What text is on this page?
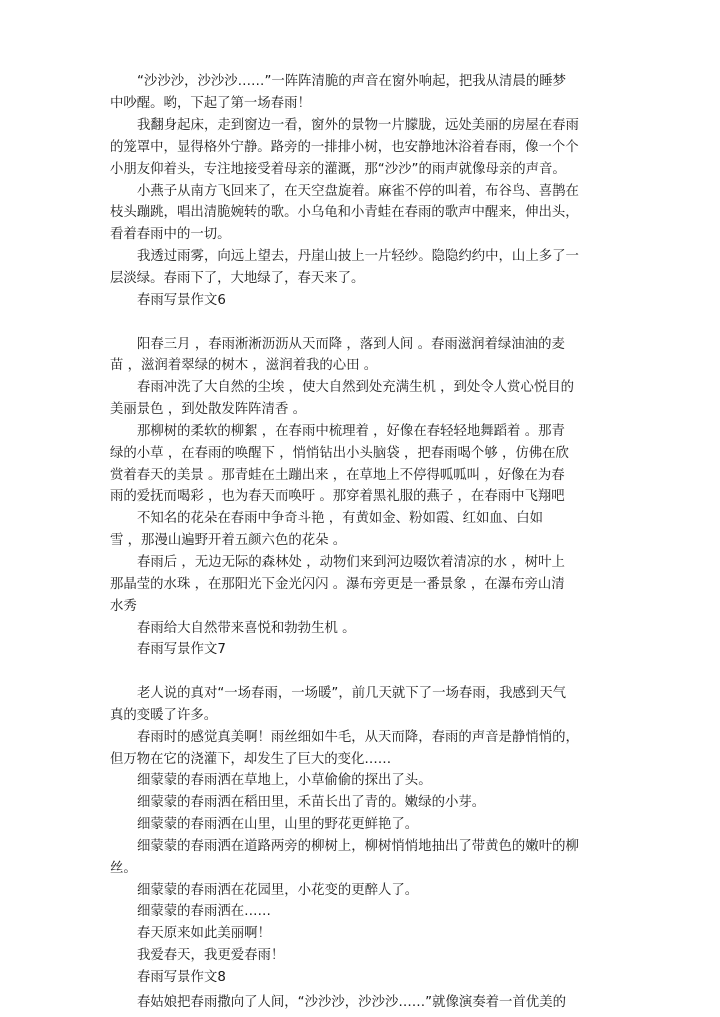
“沙沙沙，沙沙沙……”一阵阵清脆的声音在窗外响起，把我从清晨的睡梦
中吵醒。哟，下起了第一场春雨！
我翻身起床，走到窗边一看，窗外的景物一片朦胧，远处美丽的房屋在春雨
的笼罩中，显得格外宁静。路旁的一排排小树，也安静地沐浴着春雨，像一个个
小朋友仰着头，专注地接受着母亲的灌溉，那“沙沙”的雨声就像母亲的声音。
小燕子从南方飞回来了，在天空盘旋着。麻雀不停的叫着，布谷鸟、喜鹊在
枝头蹦跳，唱出清脆婉转的歌。小乌龟和小青蛙在春雨的歌声中醒来，伸出头，
看着春雨中的一切。
我透过雨雾，向远上望去，丹崖山披上一片轻纱。隐隐约约中，山上多了一
层淡绿。春雨下了，大地绿了，春天来了。
春雨写景作文6
阳春三月 ，春雨淅淅沥沥从天而降 ，落到人间 。春雨滋润着绿油油的麦
苗 ，滋润着翠绿的树木 ，滋润着我的心田 。
春雨冲洗了大自然的尘埃 ，使大自然到处充满生机 ，到处令人赏心悦目的
美丽景色 ，到处散发阵阵清香 。
那柳树的柔软的柳絮 ，在春雨中梳理着 ，好像在春轻轻地舞蹈着 。那青
绿的小草 ，在春雨的唤醒下 ，悄悄钻出小头脑袋 ，把春雨喝个够 ，仿佛在欣
赏着春天的美景 。那青蛙在土蹦出来 ，在草地上不停得呱呱叫 ，好像在为春
雨的爱抚而喝彩 ，也为春天而唤吁 。那穿着黑礼服的燕子 ，在春雨中飞翔吧
不知名的花朵在春雨中争奇斗艳 ，有黄如金、粉如霞、红如血、白如
雪 ，那漫山遍野开着五颜六色的花朵 。
春雨后 ，无边无际的森林处 ，动物们来到河边啜饮着清凉的水 ，树叶上
那晶莹的水珠 ，在那阳光下金光闪闪 。瀑布旁更是一番景象 ，在瀑布旁山清
水秀
春雨给大自然带来喜悦和勃勃生机 。
春雨写景作文7
老人说的真对“一场春雨，一场暖”，前几天就下了一场春雨，我感到天气
真的变暖了许多。
春雨时的感觉真美啊！雨丝细如牛毛，从天而降，春雨的声音是静悄悄的，
但万物在它的浇灌下，却发生了巨大的变化……
细蒙蒙的春雨洒在草地上，小草偷偷的探出了头。
细蒙蒙的春雨洒在稻田里，禾苗长出了青的。嫩绿的小芽。
细蒙蒙的春雨洒在山里，山里的野花更鲜艳了。
细蒙蒙的春雨洒在道路两旁的柳树上，柳树悄悄地抽出了带黄色的嫩叶的柳
丝。
细蒙蒙的春雨洒在花园里，小花变的更醉人了。
细蒙蒙的春雨洒在……
春天原来如此美丽啊！
我爱春天，我更爱春雨！
春雨写景作文8
春姑娘把春雨撒向了人间，“沙沙沙，沙沙沙……”就像演奏着一首优美的
